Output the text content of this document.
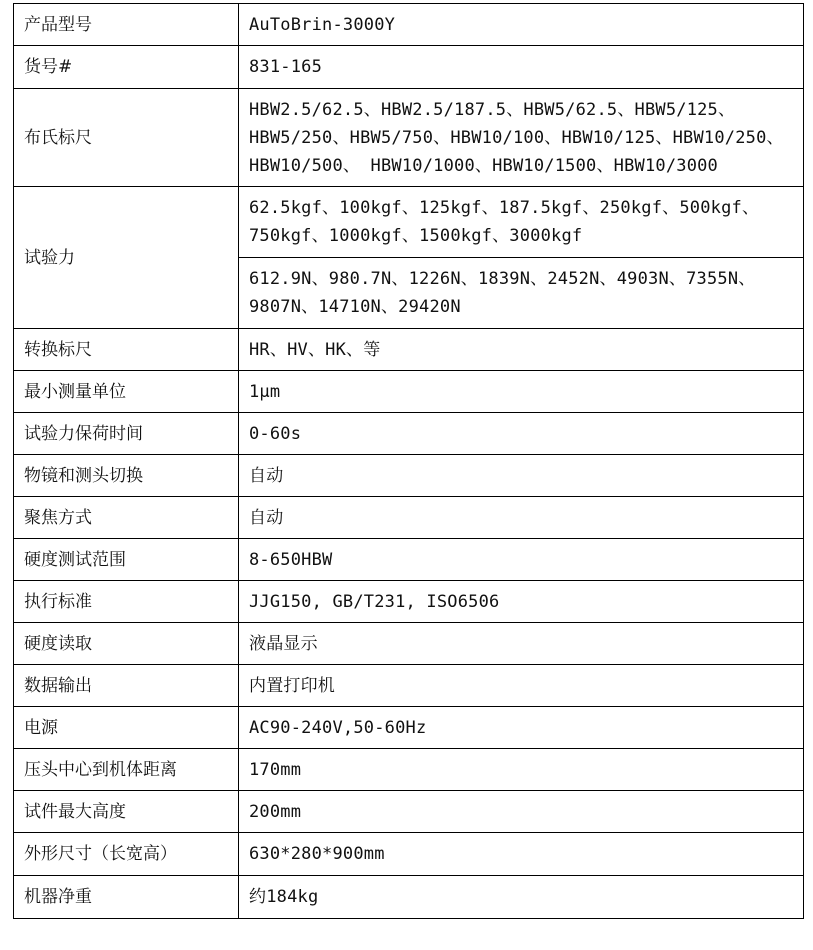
产品型号	AuToBrin-3000Y
货号#	831-165
布氏标尺	HBW2.5/62.5、HBW2.5/187.5、HBW5/62.5、HBW5/125、
HBW5/250、HBW5/750、HBW10/100、HBW10/125、HBW10/250、
HBW10/500、 HBW10/1000、HBW10/1500、HBW10/3000

试验力	62.5kgf、100kgf、125kgf、187.5kgf、250kgf、500kgf、
750kgf、1000kgf、1500kgf、3000kgf

	612.9N、980.7N、1226N、1839N、2452N、4903N、7355N、
9807N、14710N、29420N

转换标尺	HR、HV、HK、等
最小测量单位	1μm
试验力保荷时间	0-60s
物镜和测头切换	自动
聚焦方式	自动
硬度测试范围	8-650HBW
执行标准	JJG150, GB/T231, ISO6506
硬度读取	液晶显示
数据输出	内置打印机
电源	AC90-240V,50-60Hz
压头中心到机体距离	170mm
试件最大高度	200mm
外形尺寸（长宽高）	630*280*900mm
机器净重	约184kg
